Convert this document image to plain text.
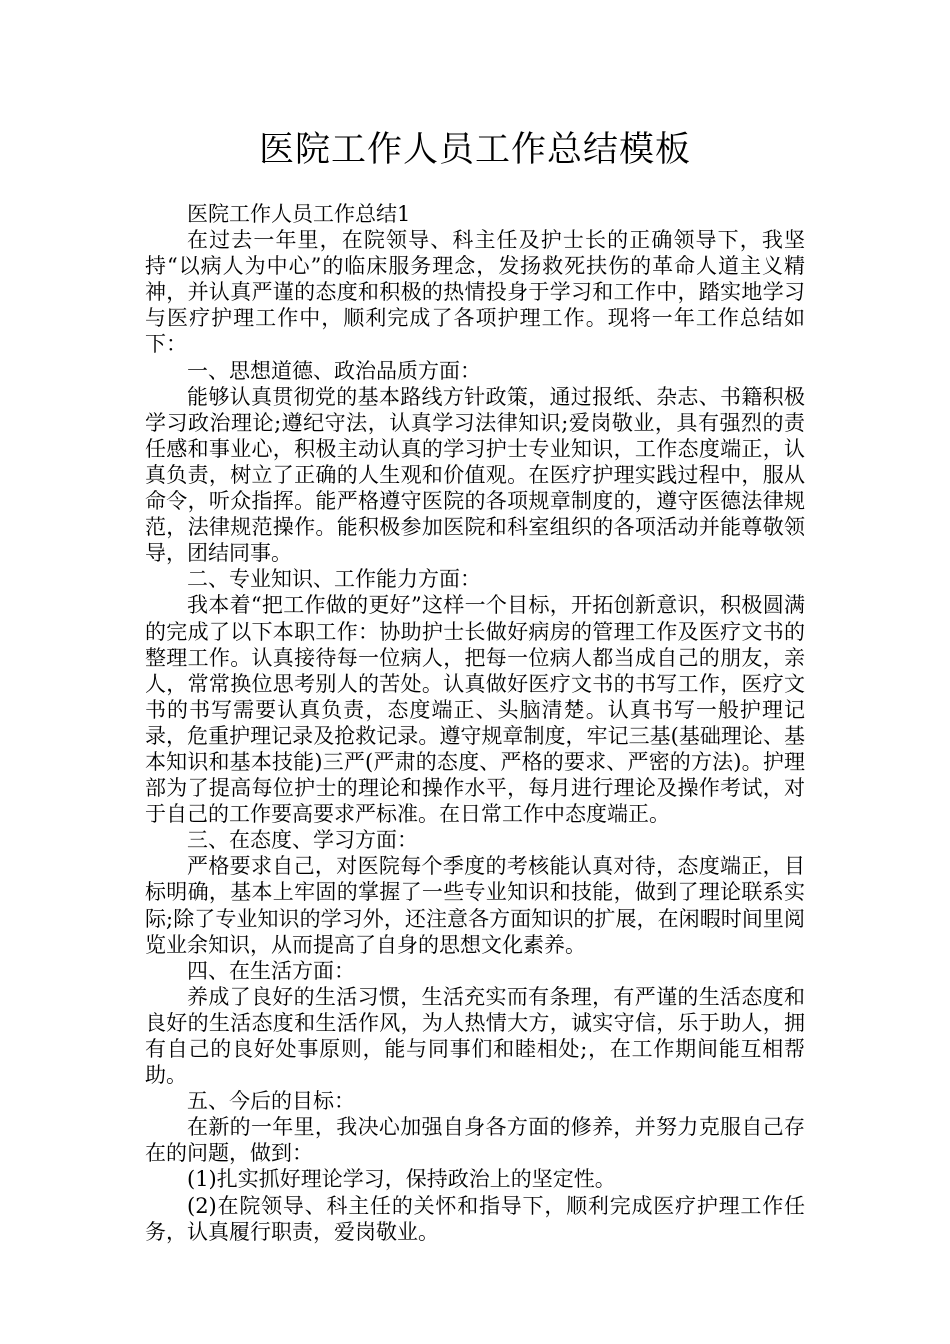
医院工作人员工作总结模板

医院工作人员工作总结1

在过去一年里，在院领导、科主任及护士长的正确领导下，我坚持“以病人为中心”的临床服务理念，发扬救死扶伤的革命人道主义精神，并认真严谨的态度和积极的热情投身于学习和工作中，踏实地学习与医疗护理工作中，顺利完成了各项护理工作。现将一年工作总结如下：

一、思想道德、政治品质方面：

能够认真贯彻党的基本路线方针政策，通过报纸、杂志、书籍积极学习政治理论;遵纪守法，认真学习法律知识;爱岗敬业，具有强烈的责任感和事业心，积极主动认真的学习护士专业知识，工作态度端正，认真负责，树立了正确的人生观和价值观。在医疗护理实践过程中，服从命令，听众指挥。能严格遵守医院的各项规章制度的，遵守医德法律规范，法律规范操作。能积极参加医院和科室组织的各项活动并能尊敬领导，团结同事。

二、专业知识、工作能力方面：

我本着“把工作做的更好”这样一个目标，开拓创新意识，积极圆满的完成了以下本职工作：协助护士长做好病房的管理工作及医疗文书的整理工作。认真接待每一位病人，把每一位病人都当成自己的朋友，亲人，常常换位思考别人的苦处。认真做好医疗文书的书写工作，医疗文书的书写需要认真负责，态度端正、头脑清楚。认真书写一般护理记录，危重护理记录及抢救记录。遵守规章制度，牢记三基(基础理论、基本知识和基本技能)三严(严肃的态度、严格的要求、严密的方法)。护理部为了提高每位护士的理论和操作水平，每月进行理论及操作考试，对于自己的工作要高要求严标准。在日常工作中态度端正。

三、在态度、学习方面：

严格要求自己，对医院每个季度的考核能认真对待，态度端正，目标明确，基本上牢固的掌握了一些专业知识和技能，做到了理论联系实际;除了专业知识的学习外，还注意各方面知识的扩展，在闲暇时间里阅览业余知识，从而提高了自身的思想文化素养。

四、在生活方面：

养成了良好的生活习惯，生活充实而有条理，有严谨的生活态度和良好的生活态度和生活作风，为人热情大方，诚实守信，乐于助人，拥有自己的良好处事原则，能与同事们和睦相处;，在工作期间能互相帮助。

五、今后的目标：

在新的一年里，我决心加强自身各方面的修养，并努力克服自己存在的问题，做到：

(1)扎实抓好理论学习，保持政治上的坚定性。

(2)在院领导、科主任的关怀和指导下，顺利完成医疗护理工作任务，认真履行职责，爱岗敬业。
